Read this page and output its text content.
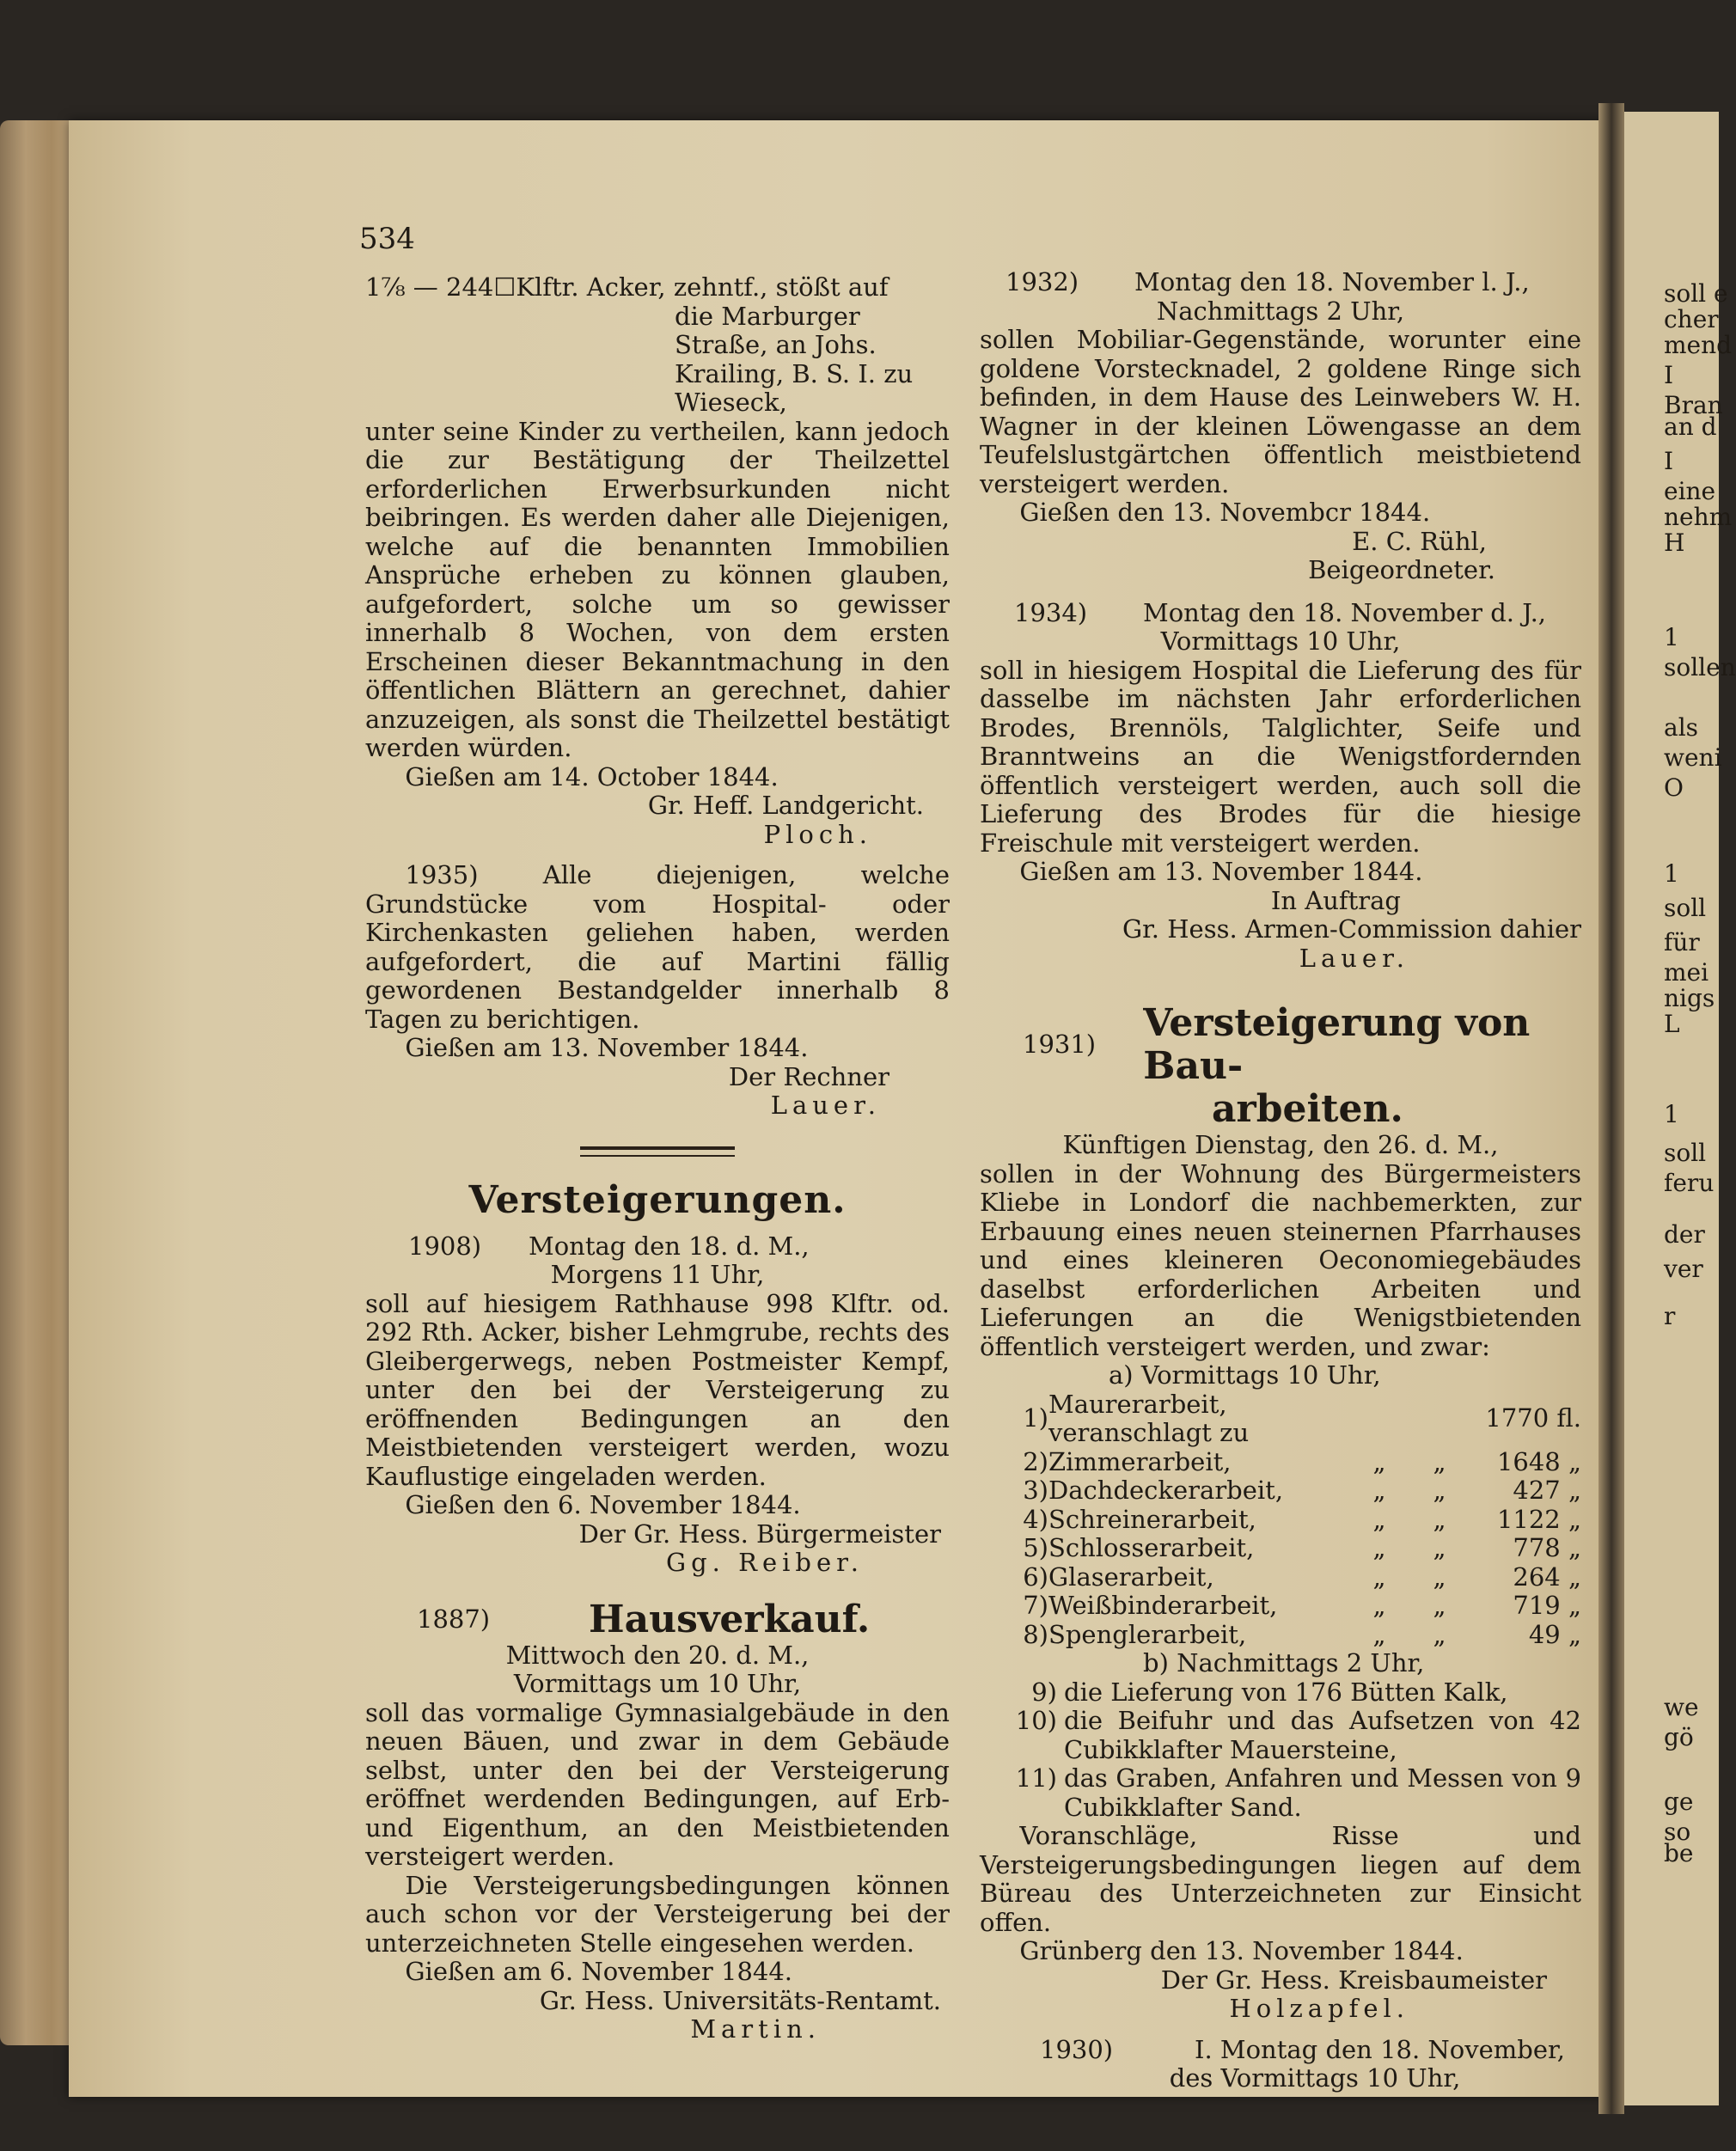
soll e
cher
mend
I
Bran
an d
I
eine
nehm
H
1
sollen
als
weni
O
1
soll
für
mei
nigs
L
1
soll
feru
der
ver
r
we
gö
ge
so
be
534

1⅞ — 244☐Klftr. Acker, zehntf., stößt auf

die Marburger Straße, an Johs. Krailing, B. S. I. zu Wieseck,

unter seine Kinder zu vertheilen, kann jedoch die zur Bestätigung der Theilzettel erforderlichen Erwerbsurkunden nicht beibringen. Es werden daher alle Diejenigen, welche auf die benannten Immobilien Ansprüche erheben zu können glauben, aufgefordert, solche um so gewisser innerhalb 8 Wochen, von dem ersten Erscheinen dieser Bekanntmachung in den öffentlichen Blättern an gerechnet, dahier anzuzeigen, als sonst die Theilzettel bestätigt werden würden.

Gießen am 14. October 1844.

Gr. Heff. Landgericht.

Ploch.

1935) Alle diejenigen, welche Grundstücke vom Hospital- oder Kirchenkasten geliehen haben, werden aufgefordert, die auf Martini fällig gewordenen Bestandgelder innerhalb 8 Tagen zu berichtigen.

Gießen am 13. November 1844.

Der Rechner

Lauer.

Versteigerungen.
1908)	Montag den 18. d. M.,

Morgens 11 Uhr,

soll auf hiesigem Rathhause 998 Klftr. od. 292 Rth. Acker, bisher Lehmgrube, rechts des Gleibergerwegs, neben Postmeister Kempf, unter den bei der Versteigerung zu eröffnenden Bedingungen an den Meistbietenden versteigert werden, wozu Kauflustige eingeladen werden.

Gießen den 6. November 1844.

Der Gr. Hess. Bürgermeister

Gg. Reiber.

1887)	Hausverkauf.

Mittwoch den 20. d. M.,

Vormittags um 10 Uhr,

soll das vormalige Gymnasialgebäude in den neuen Bäuen, und zwar in dem Gebäude selbst, unter den bei der Versteigerung eröffnet werdenden Bedingungen, auf Erb- und Eigenthum, an den Meistbietenden versteigert werden.

Die Versteigerungsbedingungen können auch schon vor der Versteigerung bei der unterzeichneten Stelle eingesehen werden.

Gießen am 6. November 1844.

Gr. Hess. Universitäts-Rentamt.

Martin.

1932)	Montag den 18. November l. J.,

Nachmittags 2 Uhr,

sollen Mobiliar-Gegenstände, worunter eine goldene Vorstecknadel, 2 goldene Ringe sich befinden, in dem Hause des Leinwebers W. H. Wagner in der kleinen Löwengasse an dem Teufelslustgärtchen öffentlich meistbietend versteigert werden.

Gießen den 13. Novembcr 1844.

E. C. Rühl,

Beigeordneter.

1934)	Montag den 18. November d. J.,

Vormittags 10 Uhr,

soll in hiesigem Hospital die Lieferung des für dasselbe im nächsten Jahr erforderlichen Brodes, Brennöls, Talglichter, Seife und Branntweins an die Wenigstfordernden öffentlich versteigert werden, auch soll die Lieferung des Brodes für die hiesige Freischule mit versteigert werden.

Gießen am 13. November 1844.

In Auftrag

Gr. Hess. Armen-Commission dahier

Lauer.

1931)	Versteigerung von Bau-

arbeiten.

Künftigen Dienstag, den 26. d. M.,

sollen in der Wohnung des Bürgermeisters Kliebe in Londorf die nachbemerkten, zur Erbauung eines neuen steinernen Pfarrhauses und eines kleineren Oeconomiegebäudes daselbst erforderlichen Arbeiten und Lieferungen an die Wenigstbietenden öffentlich versteigert werden, und zwar:

a) Vormittags 10 Uhr,

1)	Maurerarbeit, veranschlagt zu			1770 fl.
2)	Zimmerarbeit,	„	„	1648 „
3)	Dachdeckerarbeit,	„	„	427 „
4)	Schreinerarbeit,	„	„	1122 „
5)	Schlosserarbeit,	„	„	778 „
6)	Glaserarbeit,	„	„	264 „
7)	Weißbinderarbeit,	„	„	719 „
8)	Spenglerarbeit,	„	„	49 „

b) Nachmittags 2 Uhr,

9) die Lieferung von 176 Bütten Kalk,
10) die Beifuhr und das Aufsetzen von 42 Cubikklafter Mauersteine,
11) das Graben, Anfahren und Messen von 9 Cubikklafter Sand.

Voranschläge, Risse und Versteigerungsbedingungen liegen auf dem Büreau des Unterzeichneten zur Einsicht offen.

Grünberg den 13. November 1844.

Der Gr. Hess. Kreisbaumeister

Holzapfel.

1930)	I. Montag den 18. November,

des Vormittags 10 Uhr,
